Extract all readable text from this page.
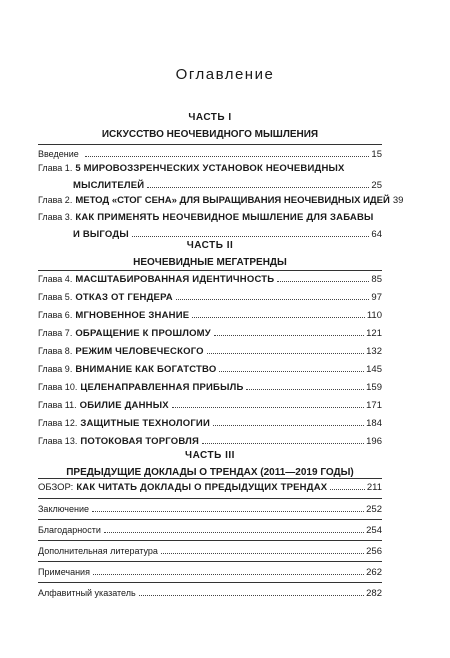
Оглавление
ЧАСТЬ I
ИСКУССТВО НЕОЧЕВИДНОГО МЫШЛЕНИЯ
Введение	15
Глава 1. 5 МИРОВОЗЗРЕНЧЕСКИХ УСТАНОВОК НЕОЧЕВИДНЫХ
МЫСЛИТЕЛЕЙ	25
Глава 2. МЕТОД «СТОГ СЕНА» ДЛЯ ВЫРАЩИВАНИЯ НЕОЧЕВИДНЫХ ИДЕЙ 39
Глава 3. КАК ПРИМЕНЯТЬ НЕОЧЕВИДНОЕ МЫШЛЕНИЕ ДЛЯ ЗАБАВЫ
И ВЫГОДЫ	64
ЧАСТЬ II
НЕОЧЕВИДНЫЕ МЕГАТРЕНДЫ
Глава 4. МАСШТАБИРОВАННАЯ ИДЕНТИЧНОСТЬ	85
Глава 5. ОТКАЗ ОТ ГЕНДЕРА	97
Глава 6. МГНОВЕННОЕ ЗНАНИЕ	110
Глава 7. ОБРАЩЕНИЕ К ПРОШЛОМУ	121
Глава 8. РЕЖИМ ЧЕЛОВЕЧЕСКОГО	132
Глава 9. ВНИМАНИЕ КАК БОГАТСТВО	145
Глава 10. ЦЕЛЕНАПРАВЛЕННАЯ ПРИБЫЛЬ	159
Глава 11. ОБИЛИЕ ДАННЫХ	171
Глава 12. ЗАЩИТНЫЕ ТЕХНОЛОГИИ	184
Глава 13. ПОТОКОВАЯ ТОРГОВЛЯ	196
ЧАСТЬ III
ПРЕДЫДУЩИЕ ДОКЛАДЫ О ТРЕНДАХ (2011—2019 ГОДЫ)
ОБЗОР: КАК ЧИТАТЬ ДОКЛАДЫ О ПРЕДЫДУЩИХ ТРЕНДАХ	211
Заключение	252
Благодарности	254
Дополнительная литература	256
Примечания	262
Алфавитный указатель	282
